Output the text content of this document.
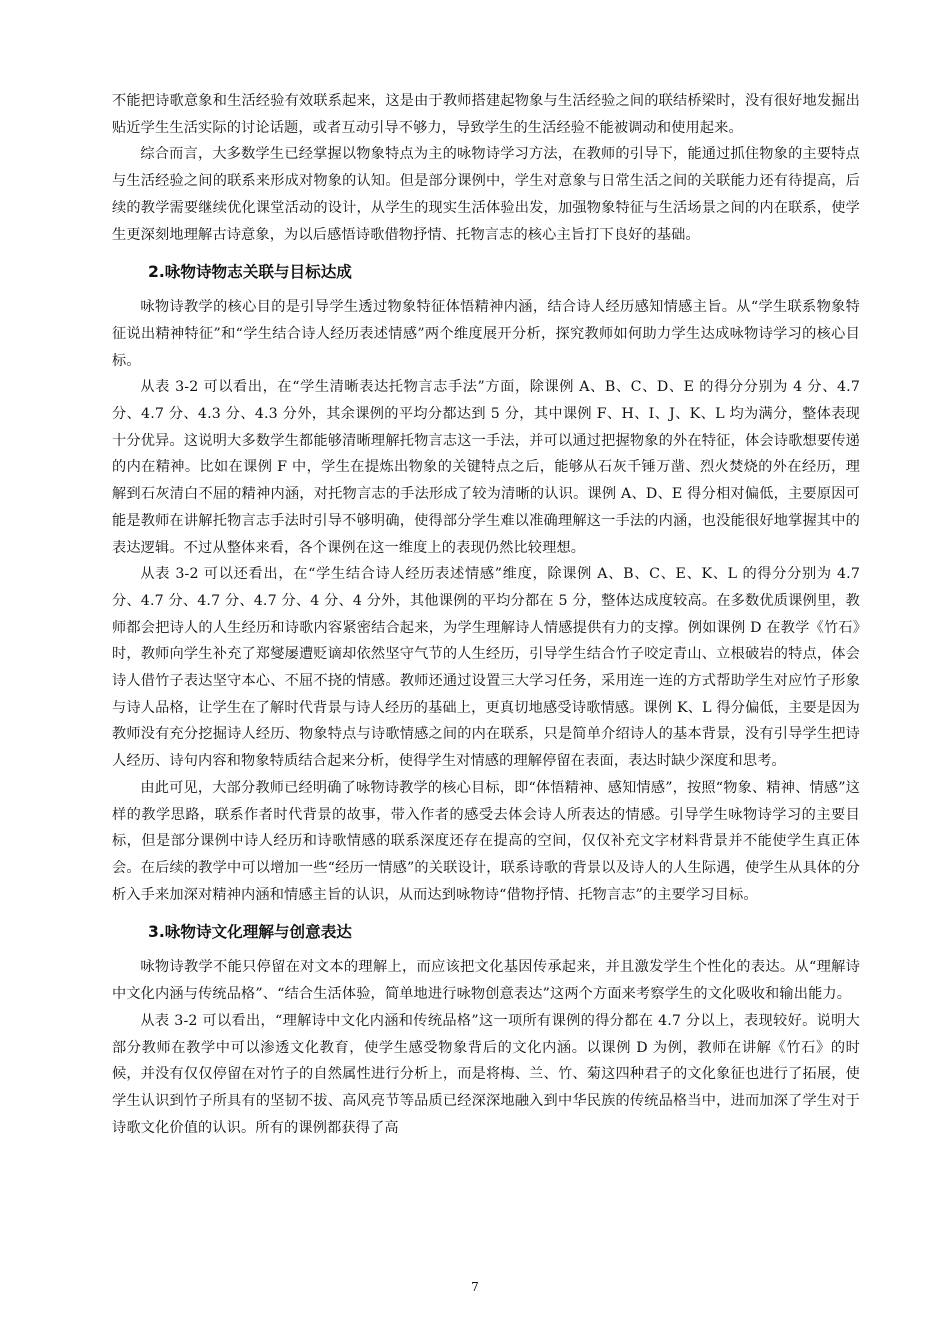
不能把诗歌意象和生活经验有效联系起来，这是由于教师搭建起物象与生活经验之间的联结桥梁时，没有很好地发掘出贴近学生生活实际的讨论话题，或者互动引导不够力，导致学生的生活经验不能被调动和使用起来。

综合而言，大多数学生已经掌握以物象特点为主的咏物诗学习方法，在教师的引导下，能通过抓住物象的主要特点与生活经验之间的联系来形成对物象的认知。但是部分课例中，学生对意象与日常生活之间的关联能力还有待提高，后续的教学需要继续优化课堂活动的设计，从学生的现实生活体验出发，加强物象特征与生活场景之间的内在联系，使学生更深刻地理解古诗意象，为以后感悟诗歌借物抒情、托物言志的核心主旨打下良好的基础。

2.咏物诗物志关联与目标达成

咏物诗教学的核心目的是引导学生透过物象特征体悟精神内涵，结合诗人经历感知情感主旨。从“学生联系物象特征说出精神特征”和“学生结合诗人经历表述情感”两个维度展开分析，探究教师如何助力学生达成咏物诗学习的核心目标。

从表 3-2 可以看出，在“学生清晰表达托物言志手法”方面，除课例 A、B、C、D、E 的得分分别为 4 分、4.7 分、4.7 分、4.3 分、4.3 分外，其余课例的平均分都达到 5 分，其中课例 F、H、I、J、K、L 均为满分，整体表现十分优异。这说明大多数学生都能够清晰理解托物言志这一手法，并可以通过把握物象的外在特征，体会诗歌想要传递的内在精神。比如在课例 F 中，学生在提炼出物象的关键特点之后，能够从石灰千锤万凿、烈火焚烧的外在经历，理解到石灰清白不屈的精神内涵，对托物言志的手法形成了较为清晰的认识。课例 A、D、E 得分相对偏低，主要原因可能是教师在讲解托物言志手法时引导不够明确，使得部分学生难以准确理解这一手法的内涵，也没能很好地掌握其中的表达逻辑。不过从整体来看，各个课例在这一维度上的表现仍然比较理想。

从表 3-2 可以还看出，在“学生结合诗人经历表述情感”维度，除课例 A、B、C、E、K、L 的得分分别为 4.7 分、4.7 分、4.7 分、4.7 分、4 分、4 分外，其他课例的平均分都在 5 分，整体达成度较高。在多数优质课例里，教师都会把诗人的人生经历和诗歌内容紧密结合起来，为学生理解诗人情感提供有力的支撑。例如课例 D 在教学《竹石》时，教师向学生补充了郑燮屡遭贬谪却依然坚守气节的人生经历，引导学生结合竹子咬定青山、立根破岩的特点，体会诗人借竹子表达坚守本心、不屈不挠的情感。教师还通过设置三大学习任务，采用连一连的方式帮助学生对应竹子形象与诗人品格，让学生在了解时代背景与诗人经历的基础上，更真切地感受诗歌情感。课例 K、L 得分偏低，主要是因为教师没有充分挖掘诗人经历、物象特点与诗歌情感之间的内在联系，只是简单介绍诗人的基本背景，没有引导学生把诗人经历、诗句内容和物象特质结合起来分析，使得学生对情感的理解停留在表面，表达时缺少深度和思考。

由此可见，大部分教师已经明确了咏物诗教学的核心目标，即“体悟精神、感知情感”，按照“物象、精神、情感”这样的教学思路，联系作者时代背景的故事，带入作者的感受去体会诗人所表达的情感。引导学生咏物诗学习的主要目标，但是部分课例中诗人经历和诗歌情感的联系深度还存在提高的空间，仅仅补充文字材料背景并不能使学生真正体会。在后续的教学中可以增加一些“经历一情感”的关联设计，联系诗歌的背景以及诗人的人生际遇，使学生从具体的分析入手来加深对精神内涵和情感主旨的认识，从而达到咏物诗“借物抒情、托物言志”的主要学习目标。

3.咏物诗文化理解与创意表达

咏物诗教学不能只停留在对文本的理解上，而应该把文化基因传承起来，并且激发学生个性化的表达。从“理解诗中文化内涵与传统品格”、“结合生活体验，简单地进行咏物创意表达”这两个方面来考察学生的文化吸收和输出能力。

从表 3-2 可以看出，“理解诗中文化内涵和传统品格”这一项所有课例的得分都在 4.7 分以上，表现较好。说明大部分教师在教学中可以渗透文化教育，使学生感受物象背后的文化内涵。以课例 D 为例，教师在讲解《竹石》的时候，并没有仅仅停留在对竹子的自然属性进行分析上，而是将梅、兰、竹、菊这四种君子的文化象征也进行了拓展，使学生认识到竹子所具有的坚韧不拔、高风亮节等品质已经深深地融入到中华民族的传统品格当中，进而加深了学生对于诗歌文化价值的认识。所有的课例都获得了高

7
